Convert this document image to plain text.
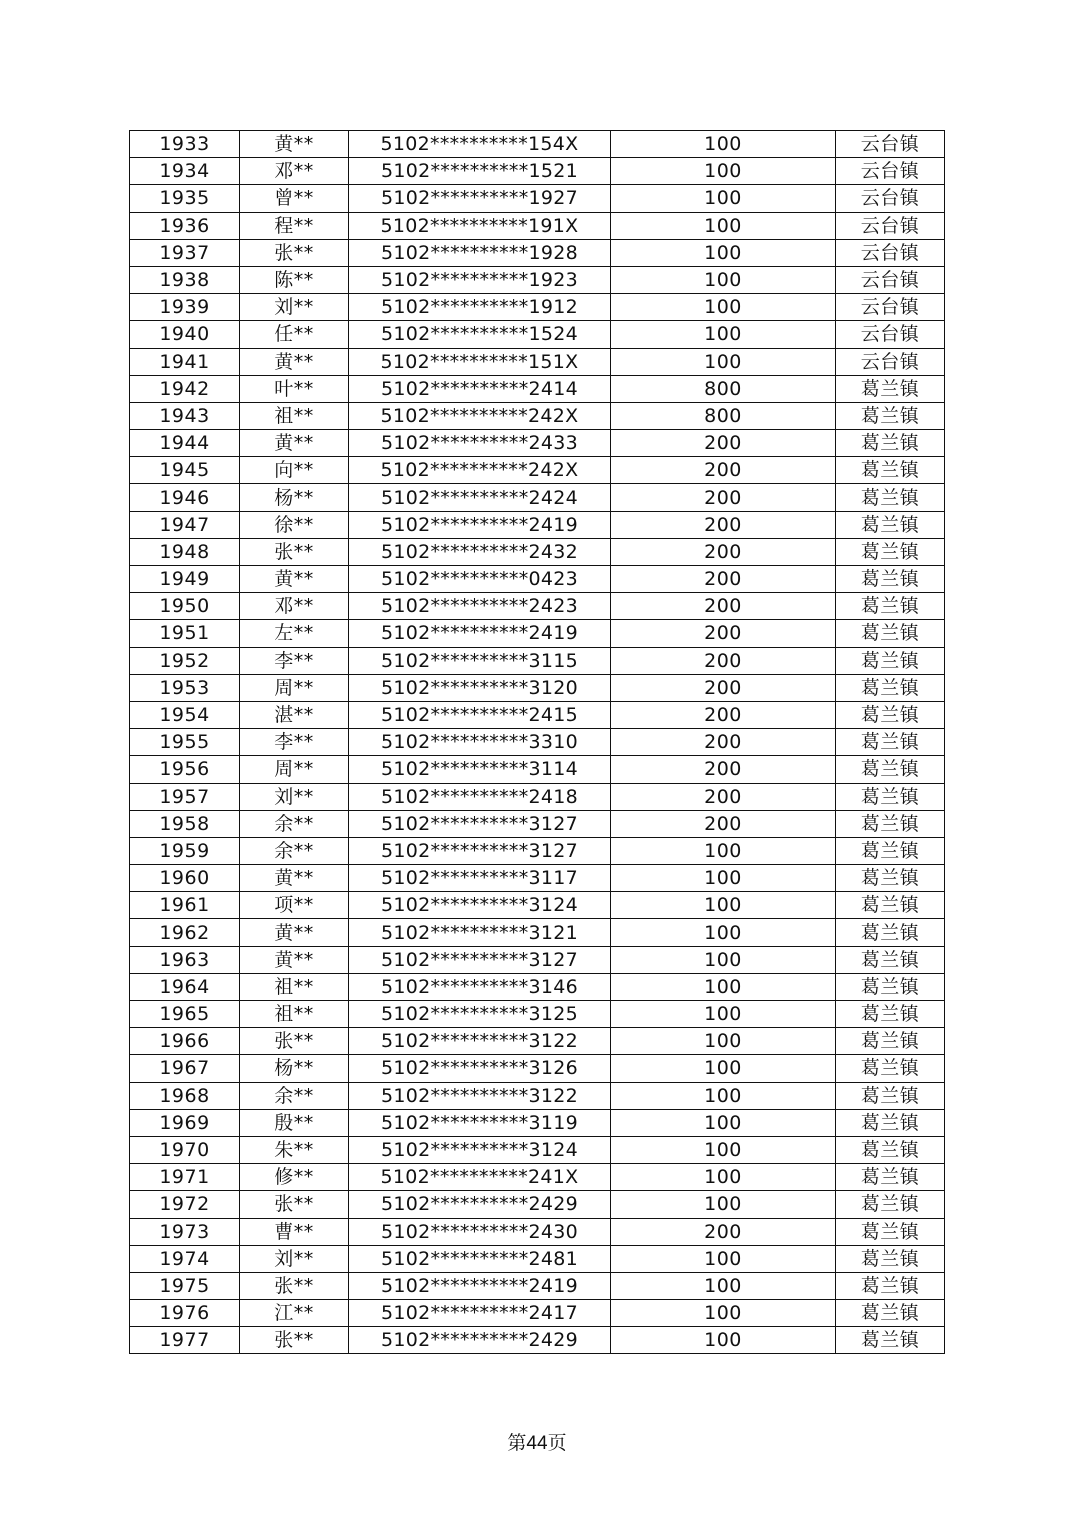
1933	黄**	5102**********154X	100	云台镇
1934	邓**	5102**********1521	100	云台镇
1935	曾**	5102**********1927	100	云台镇
1936	程**	5102**********191X	100	云台镇
1937	张**	5102**********1928	100	云台镇
1938	陈**	5102**********1923	100	云台镇
1939	刘**	5102**********1912	100	云台镇
1940	任**	5102**********1524	100	云台镇
1941	黄**	5102**********151X	100	云台镇
1942	叶**	5102**********2414	800	葛兰镇
1943	祖**	5102**********242X	800	葛兰镇
1944	黄**	5102**********2433	200	葛兰镇
1945	向**	5102**********242X	200	葛兰镇
1946	杨**	5102**********2424	200	葛兰镇
1947	徐**	5102**********2419	200	葛兰镇
1948	张**	5102**********2432	200	葛兰镇
1949	黄**	5102**********0423	200	葛兰镇
1950	邓**	5102**********2423	200	葛兰镇
1951	左**	5102**********2419	200	葛兰镇
1952	李**	5102**********3115	200	葛兰镇
1953	周**	5102**********3120	200	葛兰镇
1954	湛**	5102**********2415	200	葛兰镇
1955	李**	5102**********3310	200	葛兰镇
1956	周**	5102**********3114	200	葛兰镇
1957	刘**	5102**********2418	200	葛兰镇
1958	余**	5102**********3127	200	葛兰镇
1959	余**	5102**********3127	100	葛兰镇
1960	黄**	5102**********3117	100	葛兰镇
1961	项**	5102**********3124	100	葛兰镇
1962	黄**	5102**********3121	100	葛兰镇
1963	黄**	5102**********3127	100	葛兰镇
1964	祖**	5102**********3146	100	葛兰镇
1965	祖**	5102**********3125	100	葛兰镇
1966	张**	5102**********3122	100	葛兰镇
1967	杨**	5102**********3126	100	葛兰镇
1968	余**	5102**********3122	100	葛兰镇
1969	殷**	5102**********3119	100	葛兰镇
1970	朱**	5102**********3124	100	葛兰镇
1971	修**	5102**********241X	100	葛兰镇
1972	张**	5102**********2429	100	葛兰镇
1973	曹**	5102**********2430	200	葛兰镇
1974	刘**	5102**********2481	100	葛兰镇
1975	张**	5102**********2419	100	葛兰镇
1976	江**	5102**********2417	100	葛兰镇
1977	张**	5102**********2429	100	葛兰镇
第44页
